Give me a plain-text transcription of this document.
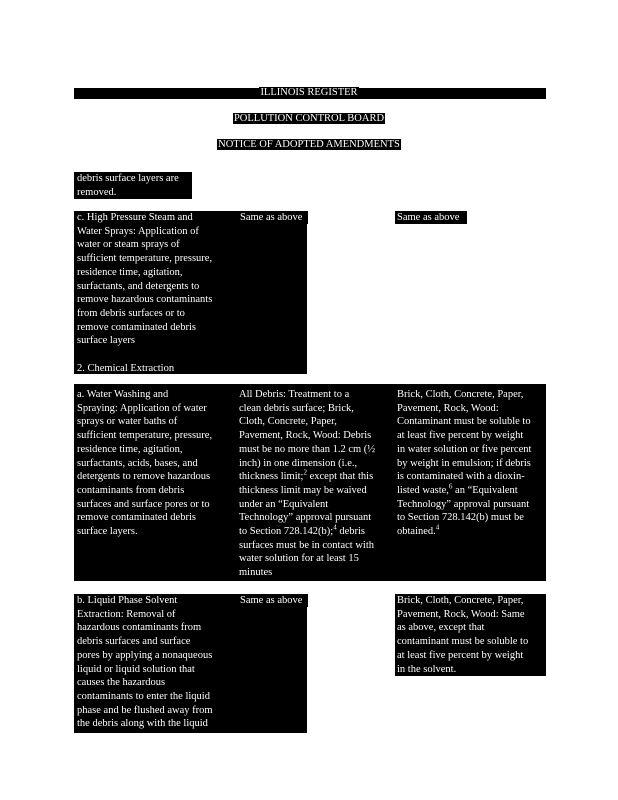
ILLINOIS REGISTER
POLLUTION CONTROL BOARD
NOTICE OF ADOPTED AMENDMENTS
debris surface layers are
removed.
c. High Pressure Steam and
Water Sprays: Application of
water or steam sprays of
sufficient temperature, pressure,
residence time, agitation,
surfactants, and detergents to
remove hazardous contaminants
from debris surfaces or to
remove contaminated debris
surface layers
Same as above	Same as above
2. Chemical Extraction
a. Water Washing and
Spraying: Application of water
sprays or water baths of
sufficient temperature, pressure,
residence time, agitation,
surfactants, acids, bases, and
detergents to remove hazardous
contaminants from debris
surfaces and surface pores or to
remove contaminated debris
surface layers.
All Debris: Treatment to a
clean debris surface; Brick,
Cloth, Concrete, Paper,
Pavement, Rock, Wood: Debris
must be no more than 1.2 cm (½
inch) in one dimension (i.e.,
thickness limit;$^2$ except that this
thickness limit may be waived
under an “Equivalent
Technology” approval pursuant
to Section 728.142(b);$^4$ debris
surfaces must be in contact with
water solution for at least 15
minutes
Brick, Cloth, Concrete, Paper,
Pavement, Rock, Wood:
Contaminant must be soluble to
at least five percent by weight
in water solution or five percent
by weight in emulsion; if debris
is contaminated with a dioxin-
listed waste,$^6$ an “Equivalent
Technology” approval pursuant
to Section 728.142(b) must be
obtained.$^4$
b. Liquid Phase Solvent
Extraction: Removal of
hazardous contaminants from
debris surfaces and surface
pores by applying a nonaqueous
liquid or liquid solution that
causes the hazardous
contaminants to enter the liquid
phase and be flushed away from
the debris along with the liquid
Same as above	Brick, Cloth, Concrete, Paper,
Pavement, Rock, Wood: Same
as above, except that
contaminant must be soluble to
at least five percent by weight
in the solvent.
